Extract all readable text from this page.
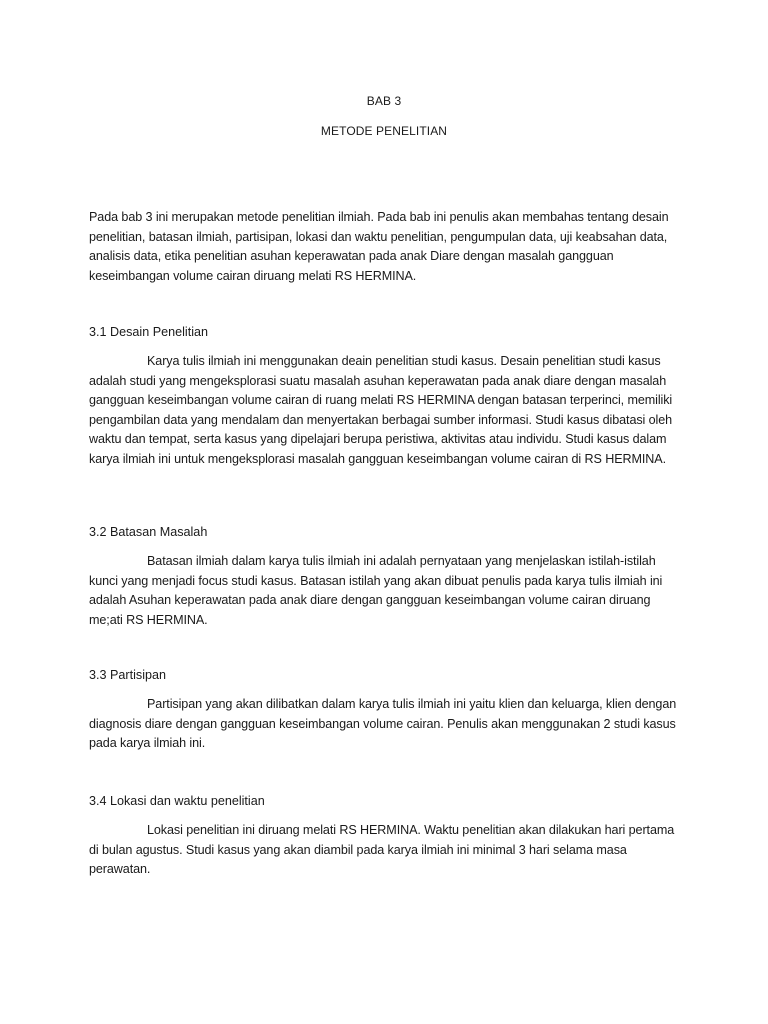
BAB 3
METODE PENELITIAN

Pada bab 3 ini merupakan metode penelitian ilmiah. Pada bab ini penulis akan membahas tentang desain penelitian, batasan ilmiah, partisipan, lokasi dan waktu penelitian, pengumpulan data, uji keabsahan data, analisis data, etika penelitian asuhan keperawatan pada anak Diare dengan masalah gangguan keseimbangan volume cairan diruang melati RS HERMINA.

3.1 Desain Penelitian

Karya tulis ilmiah ini menggunakan deain penelitian studi kasus. Desain penelitian studi kasus adalah studi yang mengeksplorasi suatu masalah asuhan keperawatan pada anak diare dengan masalah gangguan keseimbangan volume cairan di ruang melati RS HERMINA dengan batasan terperinci, memiliki pengambilan data yang mendalam dan menyertakan berbagai sumber informasi. Studi kasus dibatasi oleh waktu dan tempat, serta kasus yang dipelajari berupa peristiwa, aktivitas atau individu. Studi kasus dalam karya ilmiah ini untuk mengeksplorasi masalah gangguan keseimbangan volume cairan di RS HERMINA.

3.2 Batasan Masalah

Batasan ilmiah dalam karya tulis ilmiah ini adalah pernyataan yang menjelaskan istilah-istilah kunci yang menjadi focus studi kasus. Batasan istilah yang akan dibuat penulis pada karya tulis ilmiah ini adalah Asuhan keperawatan pada anak diare dengan gangguan keseimbangan volume cairan diruang me;ati RS HERMINA.

3.3 Partisipan

Partisipan yang akan dilibatkan dalam karya tulis ilmiah ini yaitu klien dan keluarga, klien dengan diagnosis diare dengan gangguan keseimbangan volume cairan. Penulis akan menggunakan 2 studi kasus pada karya ilmiah ini.

3.4 Lokasi dan waktu penelitian

Lokasi penelitian ini diruang melati RS HERMINA. Waktu penelitian akan dilakukan hari pertama di bulan agustus. Studi kasus yang akan diambil pada karya ilmiah ini minimal 3 hari selama masa perawatan.
